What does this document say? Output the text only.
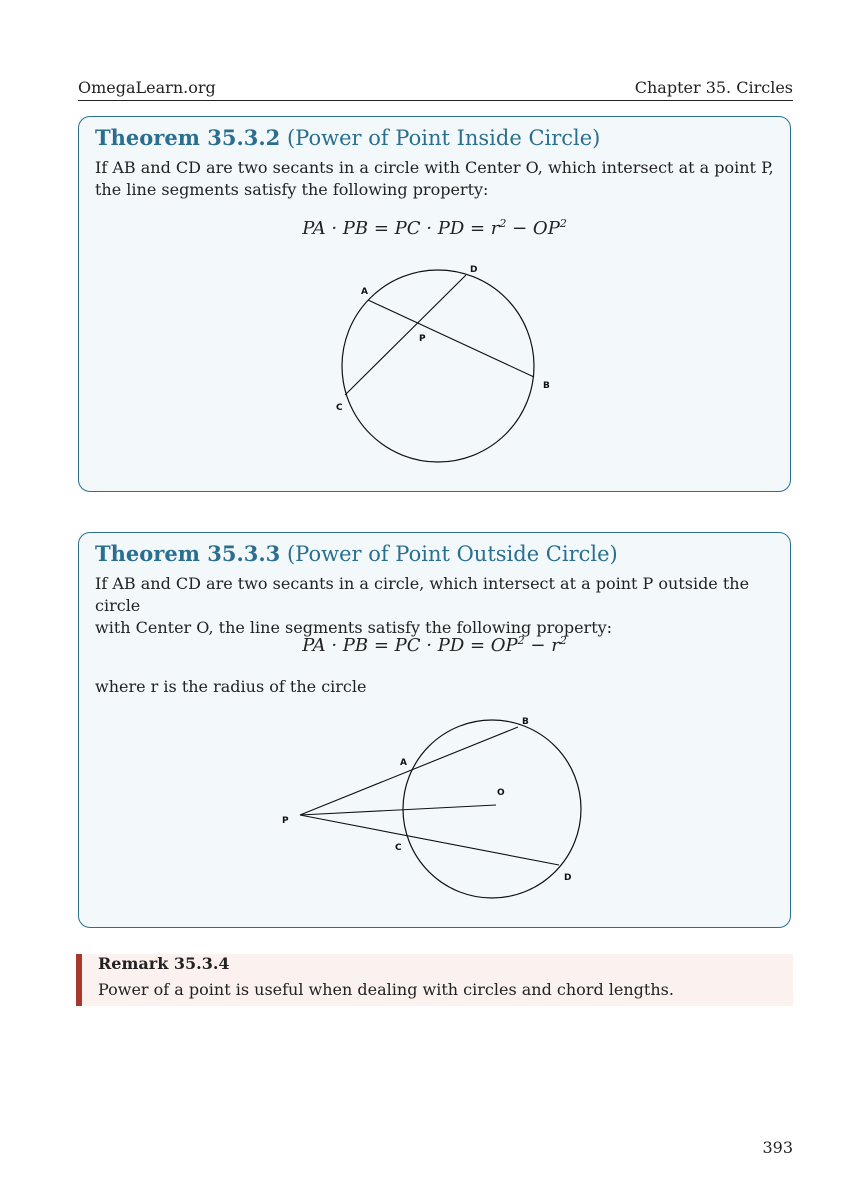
OmegaLearn.org	Chapter 35. Circles
Theorem 35.3.2 (Power of Point Inside Circle)
If AB and CD are two secants in a circle with Center O, which intersect at a point P,
the line segments satisfy the following property:
PA · PB = PC · PD = $r^2 - OP^2$
A
B
C
D
P
Theorem 35.3.3 (Power of Point Outside Circle)
If AB and CD are two secants in a circle, which intersect at a point P outside the circle
with Center O, the line segments satisfy the following property:
PA · PB = PC · PD = $OP^2 - r^2$
where r is the radius of the circle
A
B
C
D
O
P
Remark 35.3.4
Power of a point is useful when dealing with circles and chord lengths.
393
